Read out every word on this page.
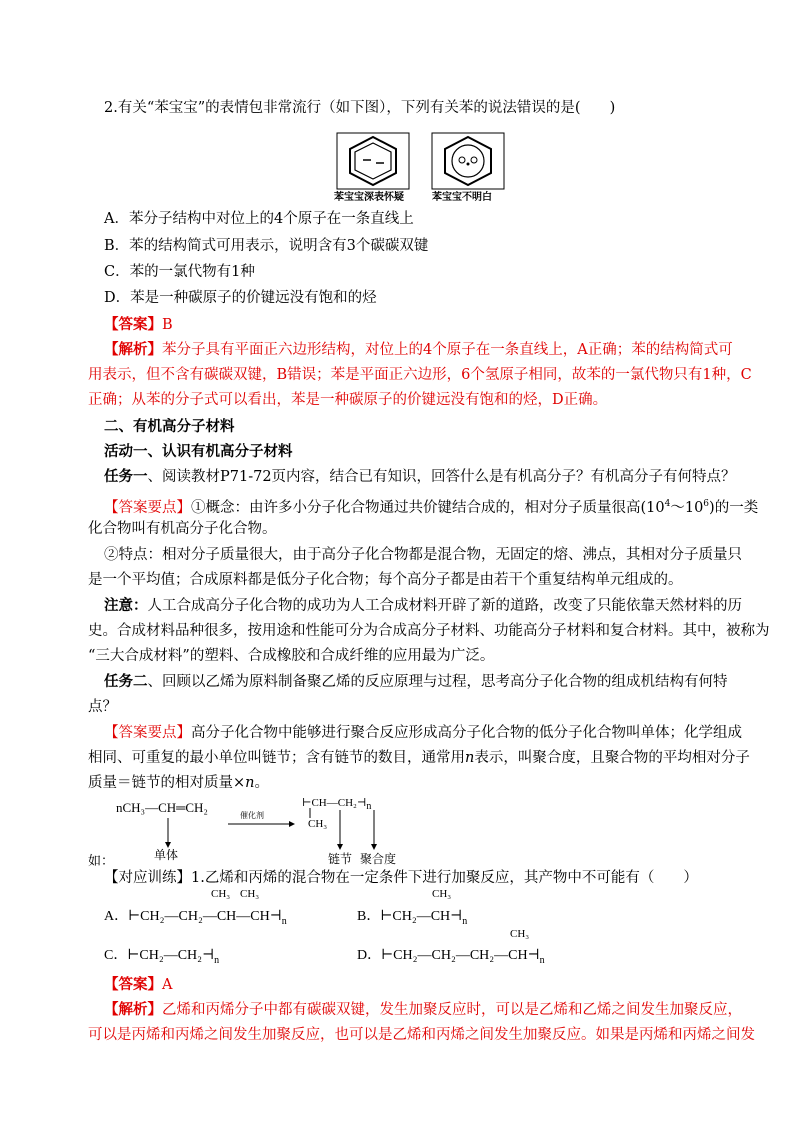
2.有关“苯宝宝”的表情包非常流行（如下图），下列有关苯的说法错误的是(　　)
苯宝宝深表怀疑	苯宝宝不明白
A．苯分子结构中对位上的4个原子在一条直线上
B．苯的结构简式可用表示，说明含有3个碳碳双键
C．苯的一氯代物有1种
D．苯是一种碳原子的价键远没有饱和的烃
【答案】B
【解析】苯分子具有平面正六边形结构，对位上的4个原子在一条直线上，A正确；苯的结构简式可
用表示，但不含有碳碳双键，B错误；苯是平面正六边形，6个氢原子相同，故苯的一氯代物只有1种，C
正确；从苯的分子式可以看出，苯是一种碳原子的价键远没有饱和的烃，D正确。
二、有机高分子材料
活动一、认识有机高分子材料
任务一、阅读教材P71-72页内容，结合已有知识，回答什么是有机高分子？有机高分子有何特点？
【答案要点】①概念：由许多小分子化合物通过共价键结合成的，相对分子质量很高$(10^4\sim 10^6)$的一类
化合物叫有机高分子化合物。
②特点：相对分子质量很大，由于高分子化合物都是混合物，无固定的熔、沸点，其相对分子质量只
是一个平均值；合成原料都是低分子化合物；每个高分子都是由若干个重复结构单元组成的。
注意：人工合成高分子化合物的成功为人工合成材料开辟了新的道路，改变了只能依靠天然材料的历
史。合成材料品种很多，按用途和性能可分为合成高分子材料、功能高分子材料和复合材料。其中，被称为
“三大合成材料”的塑料、合成橡胶和合成纤维的应用最为广泛。
任务二、回顾以乙烯为原料制备聚乙烯的反应原理与过程，思考高分子化合物的组成机结构有何特
点？
【答案要点】高分子化合物中能够进行聚合反应形成高分子化合物的低分子化合物叫单体；化学组成
相同、可重复的最小单位叫链节；含有链节的数目，通常用n表示，叫聚合度，且聚合物的平均相对分子
质量＝链节的相对质量×n。
nCH₃—CH═CH₂	⊢CH—CH₂⊣n
CH₃
催化剂
单体	链节 聚合度
如：
【对应训练】1.乙烯和丙烯的混合物在一定条件下进行加聚反应，其产物中不可能有（　　）
CH₃ CH₃
A．$⊢CH_2—CH_2—CH—CH⊣_n$
CH₃
B．$⊢CH_2—CH⊣_n$
C．$⊢CH_2—CH_2⊣_n$
CH₃
D．$⊢CH_2—CH_2—CH_2—CH⊣_n$
【答案】A
【解析】乙烯和丙烯分子中都有碳碳双键，发生加聚反应时，可以是乙烯和乙烯之间发生加聚反应，
可以是丙烯和丙烯之间发生加聚反应，也可以是乙烯和丙烯之间发生加聚反应。如果是丙烯和丙烯之间发
